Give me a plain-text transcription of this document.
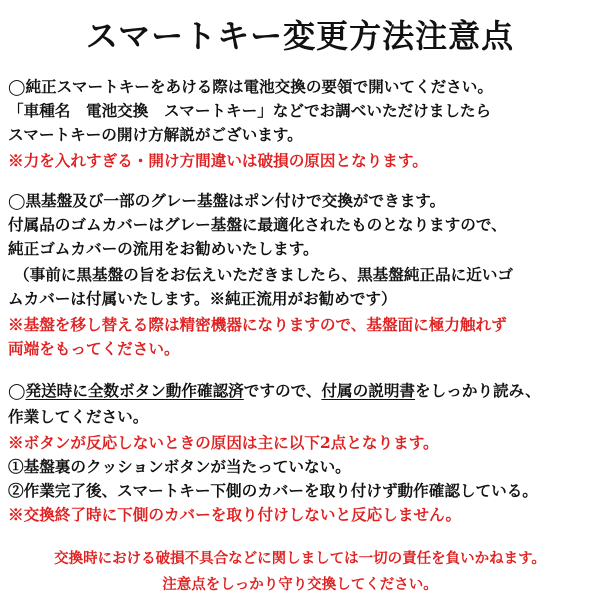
スマートキー変更方法注意点
◯純正スマートキーをあける際は電池交換の要領で開いてください。
「車種名　電池交換　スマートキー」などでお調べいただけましたら
スマートキーの開け方解説がございます。
※力を入れすぎる・開け方間違いは破損の原因となります。
◯黒基盤及び一部のグレー基盤はポン付けで交換ができます。
付属品のゴムカバーはグレー基盤に最適化されたものとなりますので、
純正ゴムカバーの流用をお勧めいたします。
（事前に黒基盤の旨をお伝えいただきましたら、黒基盤純正品に近いゴ
ムカバーは付属いたします。※純正流用がお勧めです）
※基盤を移し替える際は精密機器になりますので、基盤面に極力触れず
両端をもってください。
◯発送時に全数ボタン動作確認済ですので、付属の説明書をしっかり読み、
作業してください。
※ボタンが反応しないときの原因は主に以下2点となります。
①基盤裏のクッションボタンが当たっていない。
②作業完了後、スマートキー下側のカバーを取り付けず動作確認している。
※交換終了時に下側のカバーを取り付けしないと反応しません。
交換時における破損不具合などに関しましては一切の責任を負いかねます。
注意点をしっかり守り交換してください。
